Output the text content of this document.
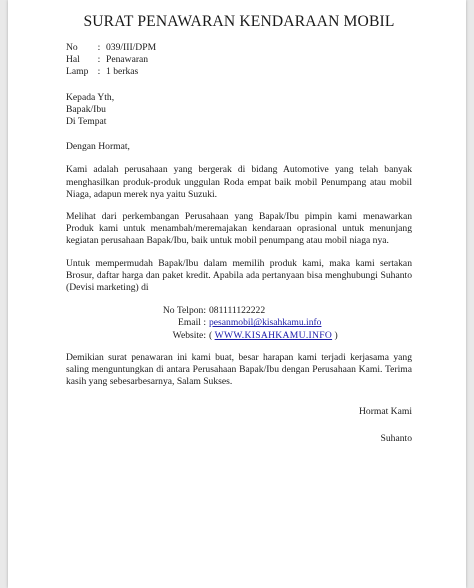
SURAT PENAWARAN KENDARAAN MOBIL
No	: 039/III/DPM
Hal	: Penawaran
Lamp : 1 berkas
Kepada Yth,
Bapak/Ibu
Di Tempat
Dengan Hormat,

Kami adalah perusahaan yang bergerak di bidang Automotive yang telah banyak menghasilkan produk-produk unggulan Roda empat baik mobil Penumpang atau mobil Niaga, adapun merek nya yaitu Suzuki.

Melihat dari perkembangan Perusahaan yang Bapak/Ibu pimpin kami menawarkan Produk kami untuk menambah/meremajakan kendaraan oprasional untuk menunjang kegiatan perusahaan Bapak/Ibu, baik untuk mobil penumpang atau mobil niaga nya.

Untuk mempermudah Bapak/Ibu dalam memilih produk kami, maka kami sertakan Brosur, daftar harga dan paket kredit. Apabila ada pertanyaan bisa menghubungi Suhanto (Devisi marketing) di

No Telpon: 081111122222
Email : pesanmobil@kisahkamu.info
Website: (
WWW.KISAHKAMU.INFO
)

Demikian surat penawaran ini kami buat, besar harapan kami terjadi kerjasama yang saling menguntungkan di antara Perusahaan Bapak/Ibu dengan Perusahaan Kami. Terima kasih yang sebesarbesarnya, Salam Sukses.

Hormat Kami
Suhanto
